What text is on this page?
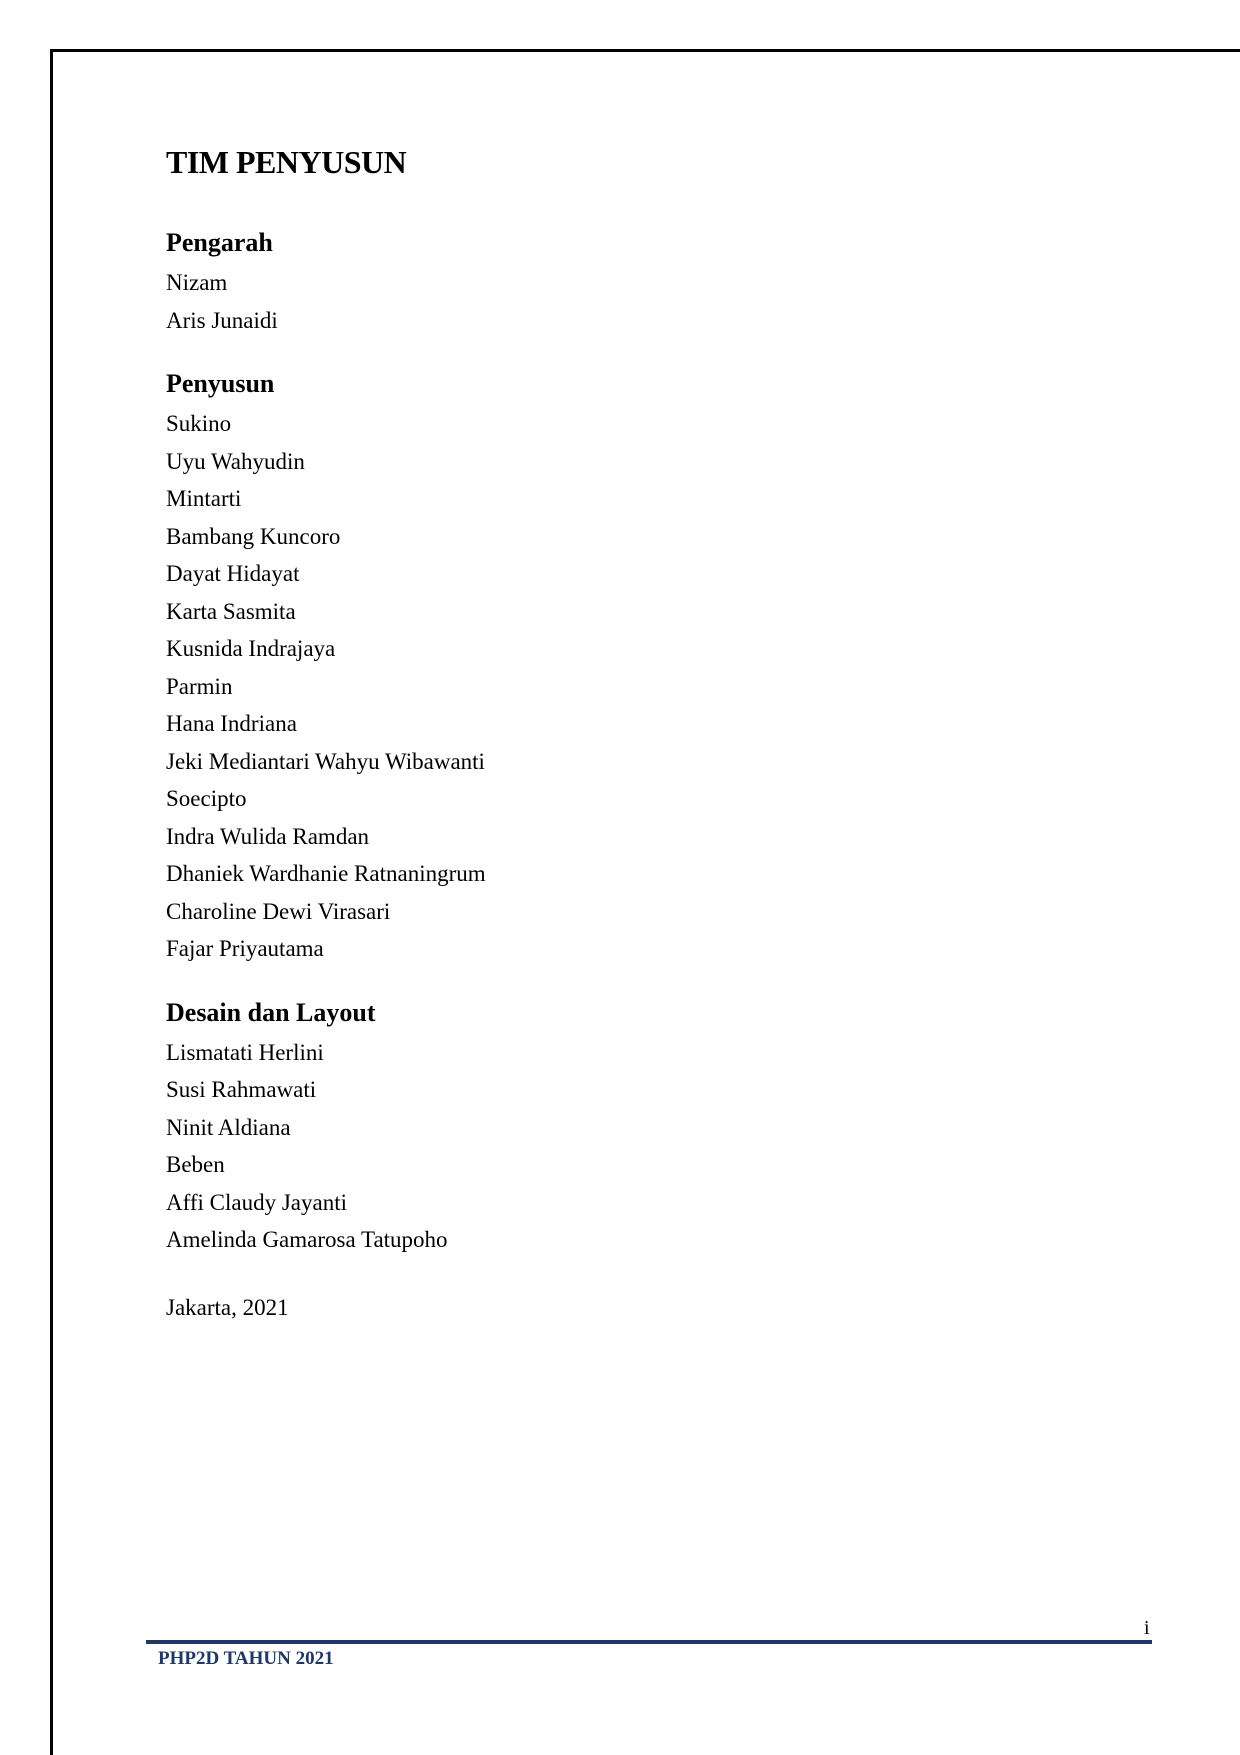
TIM PENYUSUN
Pengarah
Nizam
Aris Junaidi
Penyusun
Sukino
Uyu Wahyudin
Mintarti
Bambang Kuncoro
Dayat Hidayat
Karta Sasmita
Kusnida Indrajaya
Parmin
Hana Indriana
Jeki Mediantari Wahyu Wibawanti
Soecipto
Indra Wulida Ramdan
Dhaniek Wardhanie Ratnaningrum
Charoline Dewi Virasari
Fajar Priyautama
Desain dan Layout
Lismatati Herlini
Susi Rahmawati
Ninit Aldiana
Beben
Affi Claudy Jayanti
Amelinda Gamarosa Tatupoho
Jakarta, 2021
i
PHP2D TAHUN 2021
